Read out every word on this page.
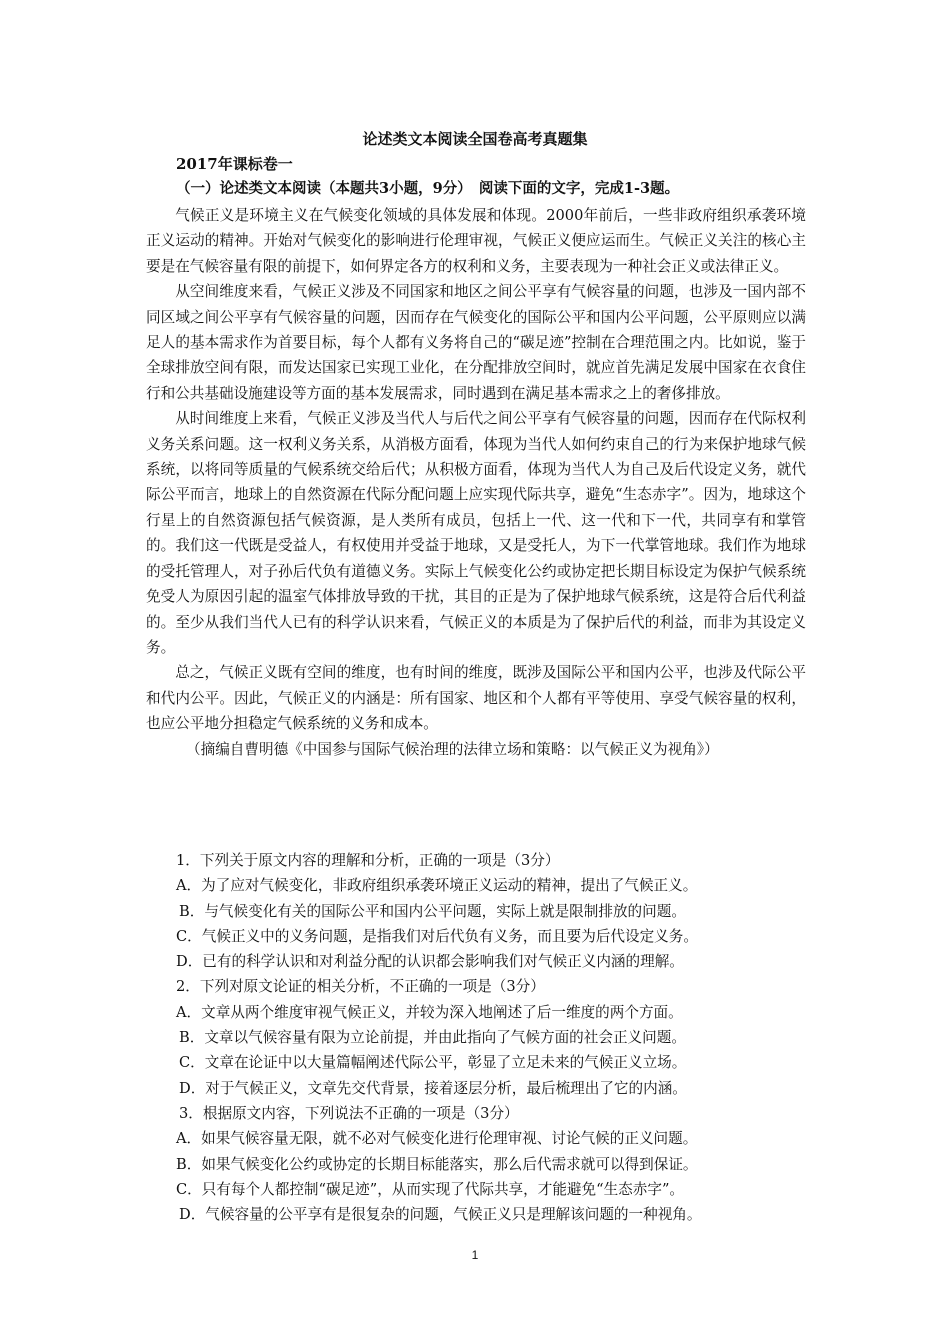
论述类文本阅读全国卷高考真题集
2017年课标卷一
（一）论述类文本阅读（本题共3小题，9分）　阅读下面的文字，完成1-3题。

气候正义是环境主义在气候变化领域的具体发展和体现。2000年前后，一些非政府组织承袭环境正义运动的精神。开始对气候变化的影响进行伦理审视，气候正义便应运而生。气候正义关注的核心主要是在气候容量有限的前提下，如何界定各方的权利和义务，主要表现为一种社会正义或法律正义。

从空间维度来看，气候正义涉及不同国家和地区之间公平享有气候容量的问题，也涉及一国内部不同区域之间公平享有气候容量的问题，因而存在气候变化的国际公平和国内公平问题，公平原则应以满足人的基本需求作为首要目标，每个人都有义务将自己的“碳足迹”控制在合理范围之内。比如说，鉴于全球排放空间有限，而发达国家已实现工业化，在分配排放空间时，就应首先满足发展中国家在衣食住行和公共基础设施建设等方面的基本发展需求，同时遇到在满足基本需求之上的奢侈排放。

从时间维度上来看，气候正义涉及当代人与后代之间公平享有气候容量的问题，因而存在代际权利义务关系问题。这一权利义务关系，从消极方面看，体现为当代人如何约束自己的行为来保护地球气候系统，以将同等质量的气候系统交给后代；从积极方面看，体现为当代人为自己及后代设定义务，就代际公平而言，地球上的自然资源在代际分配问题上应实现代际共享，避免“生态赤字”。因为，地球这个行星上的自然资源包括气候资源，是人类所有成员，包括上一代、这一代和下一代，共同享有和掌管的。我们这一代既是受益人，有权使用并受益于地球，又是受托人，为下一代掌管地球。我们作为地球的受托管理人，对子孙后代负有道德义务。实际上气候变化公约或协定把长期目标设定为保护气候系统免受人为原因引起的温室气体排放导致的干扰，其目的正是为了保护地球气候系统，这是符合后代利益的。至少从我们当代人已有的科学认识来看，气候正义的本质是为了保护后代的利益，而非为其设定义务。

总之，气候正义既有空间的维度，也有时间的维度，既涉及国际公平和国内公平，也涉及代际公平和代内公平。因此，气候正义的内涵是：所有国家、地区和个人都有平等使用、享受气候容量的权利，也应公平地分担稳定气候系统的义务和成本。

（摘编自曹明德《中国参与国际气候治理的法律立场和策略：以气候正义为视角》）

1．下列关于原文内容的理解和分析，正确的一项是（3分）

A．为了应对气候变化，非政府组织承袭环境正义运动的精神，提出了气候正义。

B．与气候变化有关的国际公平和国内公平问题，实际上就是限制排放的问题。

C．气候正义中的义务问题，是指我们对后代负有义务，而且要为后代设定义务。

D．已有的科学认识和对利益分配的认识都会影响我们对气候正义内涵的理解。

2．下列对原文论证的相关分析，不正确的一项是（3分）

A．文章从两个维度审视气候正义，并较为深入地阐述了后一维度的两个方面。

B．文章以气候容量有限为立论前提，并由此指向了气候方面的社会正义问题。

C．文章在论证中以大量篇幅阐述代际公平，彰显了立足未来的气候正义立场。

D．对于气候正义，文章先交代背景，接着逐层分析，最后梳理出了它的内涵。

3．根据原文内容，下列说法不正确的一项是（3分）

A．如果气候容量无限，就不必对气候变化进行伦理审视、讨论气候的正义问题。

B．如果气候变化公约或协定的长期目标能落实，那么后代需求就可以得到保证。

C．只有每个人都控制“碳足迹”，从而实现了代际共享，才能避免“生态赤字”。

D．气候容量的公平享有是很复杂的问题，气候正义只是理解该问题的一种视角。

1
